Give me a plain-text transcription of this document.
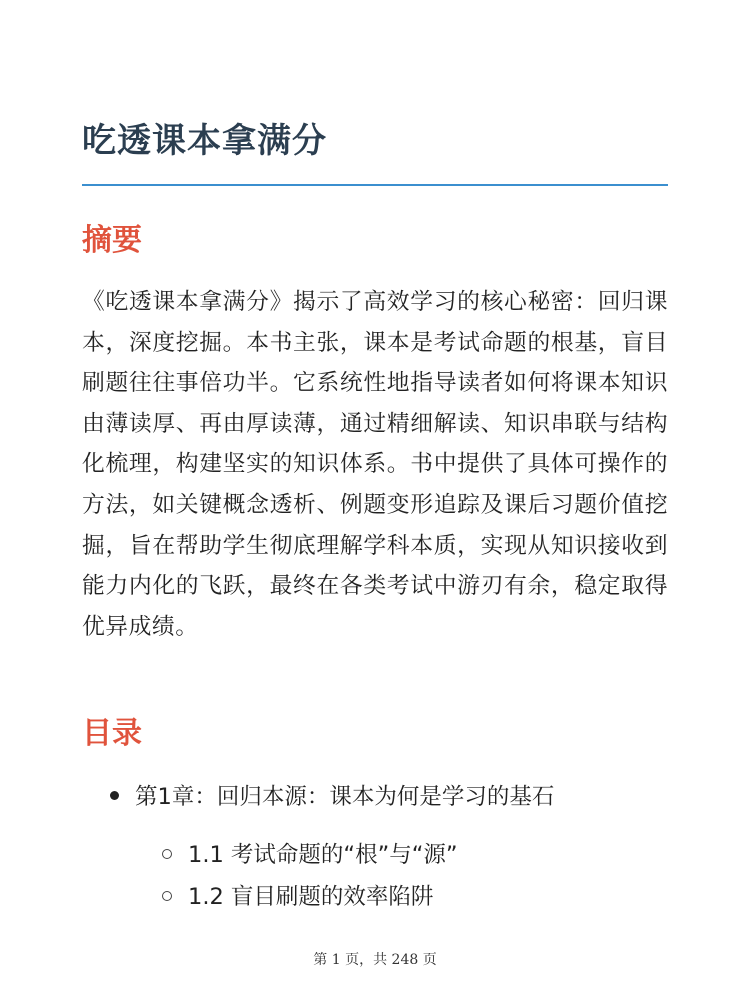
吃透课本拿满分
摘要

《吃透课本拿满分》揭示了高效学习的核心秘密：回归课本，深度挖掘。本书主张，课本是考试命题的根基，盲目刷题往往事倍功半。它系统性地指导读者如何将课本知识由薄读厚、再由厚读薄，通过精细解读、知识串联与结构化梳理，构建坚实的知识体系。书中提供了具体可操作的方法，如关键概念透析、例题变形追踪及课后习题价值挖掘，旨在帮助学生彻底理解学科本质，实现从知识接收到能力内化的飞跃，最终在各类考试中游刃有余，稳定取得优异成绩。

目录
第1章：回归本源：课本为何是学习的基石
1.1 考试命题的“根”与“源”
1.2 盲目刷题的效率陷阱
第 1 页，共 248 页
